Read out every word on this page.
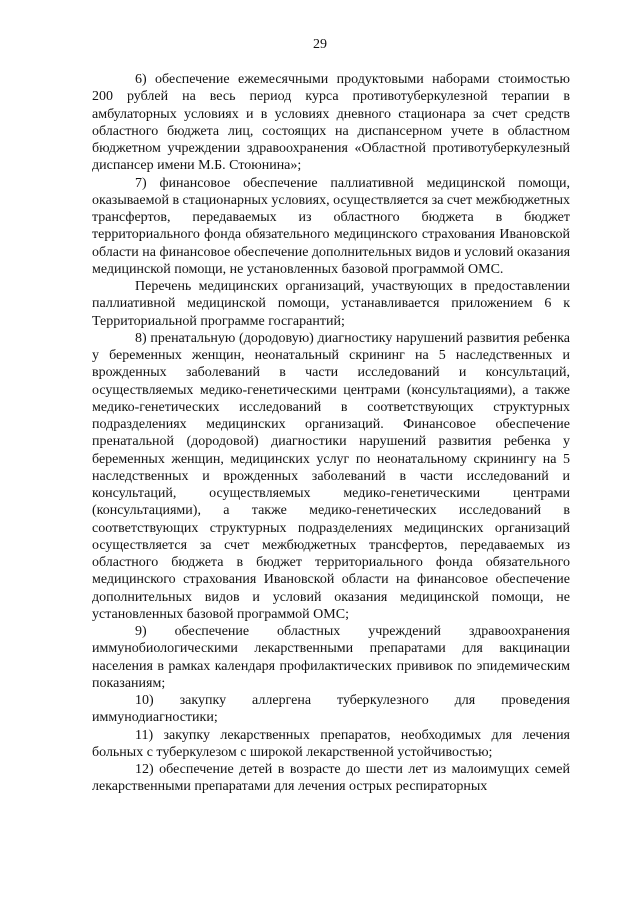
29

6) обеспечение ежемесячными продуктовыми наборами стоимостью 200 рублей на весь период курса противотуберкулезной терапии в амбулаторных условиях и в условиях дневного стационара за счет средств областного бюджета лиц, состоящих на диспансерном учете в областном бюджетном учреждении здравоохранения «Областной противотуберкулезный диспансер имени М.Б. Стоюнина»;

7) финансовое обеспечение паллиативной медицинской помощи, оказываемой в стационарных условиях, осуществляется за счет межбюджетных трансфертов, передаваемых из областного бюджета в бюджет территориального фонда обязательного медицинского страхования Ивановской области на финансовое обеспечение дополнительных видов и условий оказания медицинской помощи, не установленных базовой программой ОМС.

Перечень медицинских организаций, участвующих в предоставлении паллиативной медицинской помощи, устанавливается приложением 6 к Территориальной программе госгарантий;

8) пренатальную (дородовую) диагностику нарушений развития ребенка у беременных женщин, неонатальный скрининг на 5 наследственных и врожденных заболеваний в части исследований и консультаций, осуществляемых медико-генетическими центрами (консультациями), а также медико-генетических исследований в соответствующих структурных подразделениях медицинских организаций. Финансовое обеспечение пренатальной (дородовой) диагностики нарушений развития ребенка у беременных женщин, медицинских услуг по неонатальному скринингу на 5 наследственных и врожденных заболеваний в части исследований и консультаций, осуществляемых медико-генетическими центрами (консультациями), а также медико-генетических исследований в соответствующих структурных подразделениях медицинских организаций осуществляется за счет межбюджетных трансфертов, передаваемых из областного бюджета в бюджет территориального фонда обязательного медицинского страхования Ивановской области на финансовое обеспечение дополнительных видов и условий оказания медицинской помощи, не установленных базовой программой ОМС;

9) обеспечение областных учреждений здравоохранения иммунобиологическими лекарственными препаратами для вакцинации населения в рамках календаря профилактических прививок по эпидемическим показаниям;

10) закупку аллергена туберкулезного для проведения иммунодиагностики;

11) закупку лекарственных препаратов, необходимых для лечения больных с туберкулезом с широкой лекарственной устойчивостью;

12) обеспечение детей в возрасте до шести лет из малоимущих семей лекарственными препаратами для лечения острых респираторных
